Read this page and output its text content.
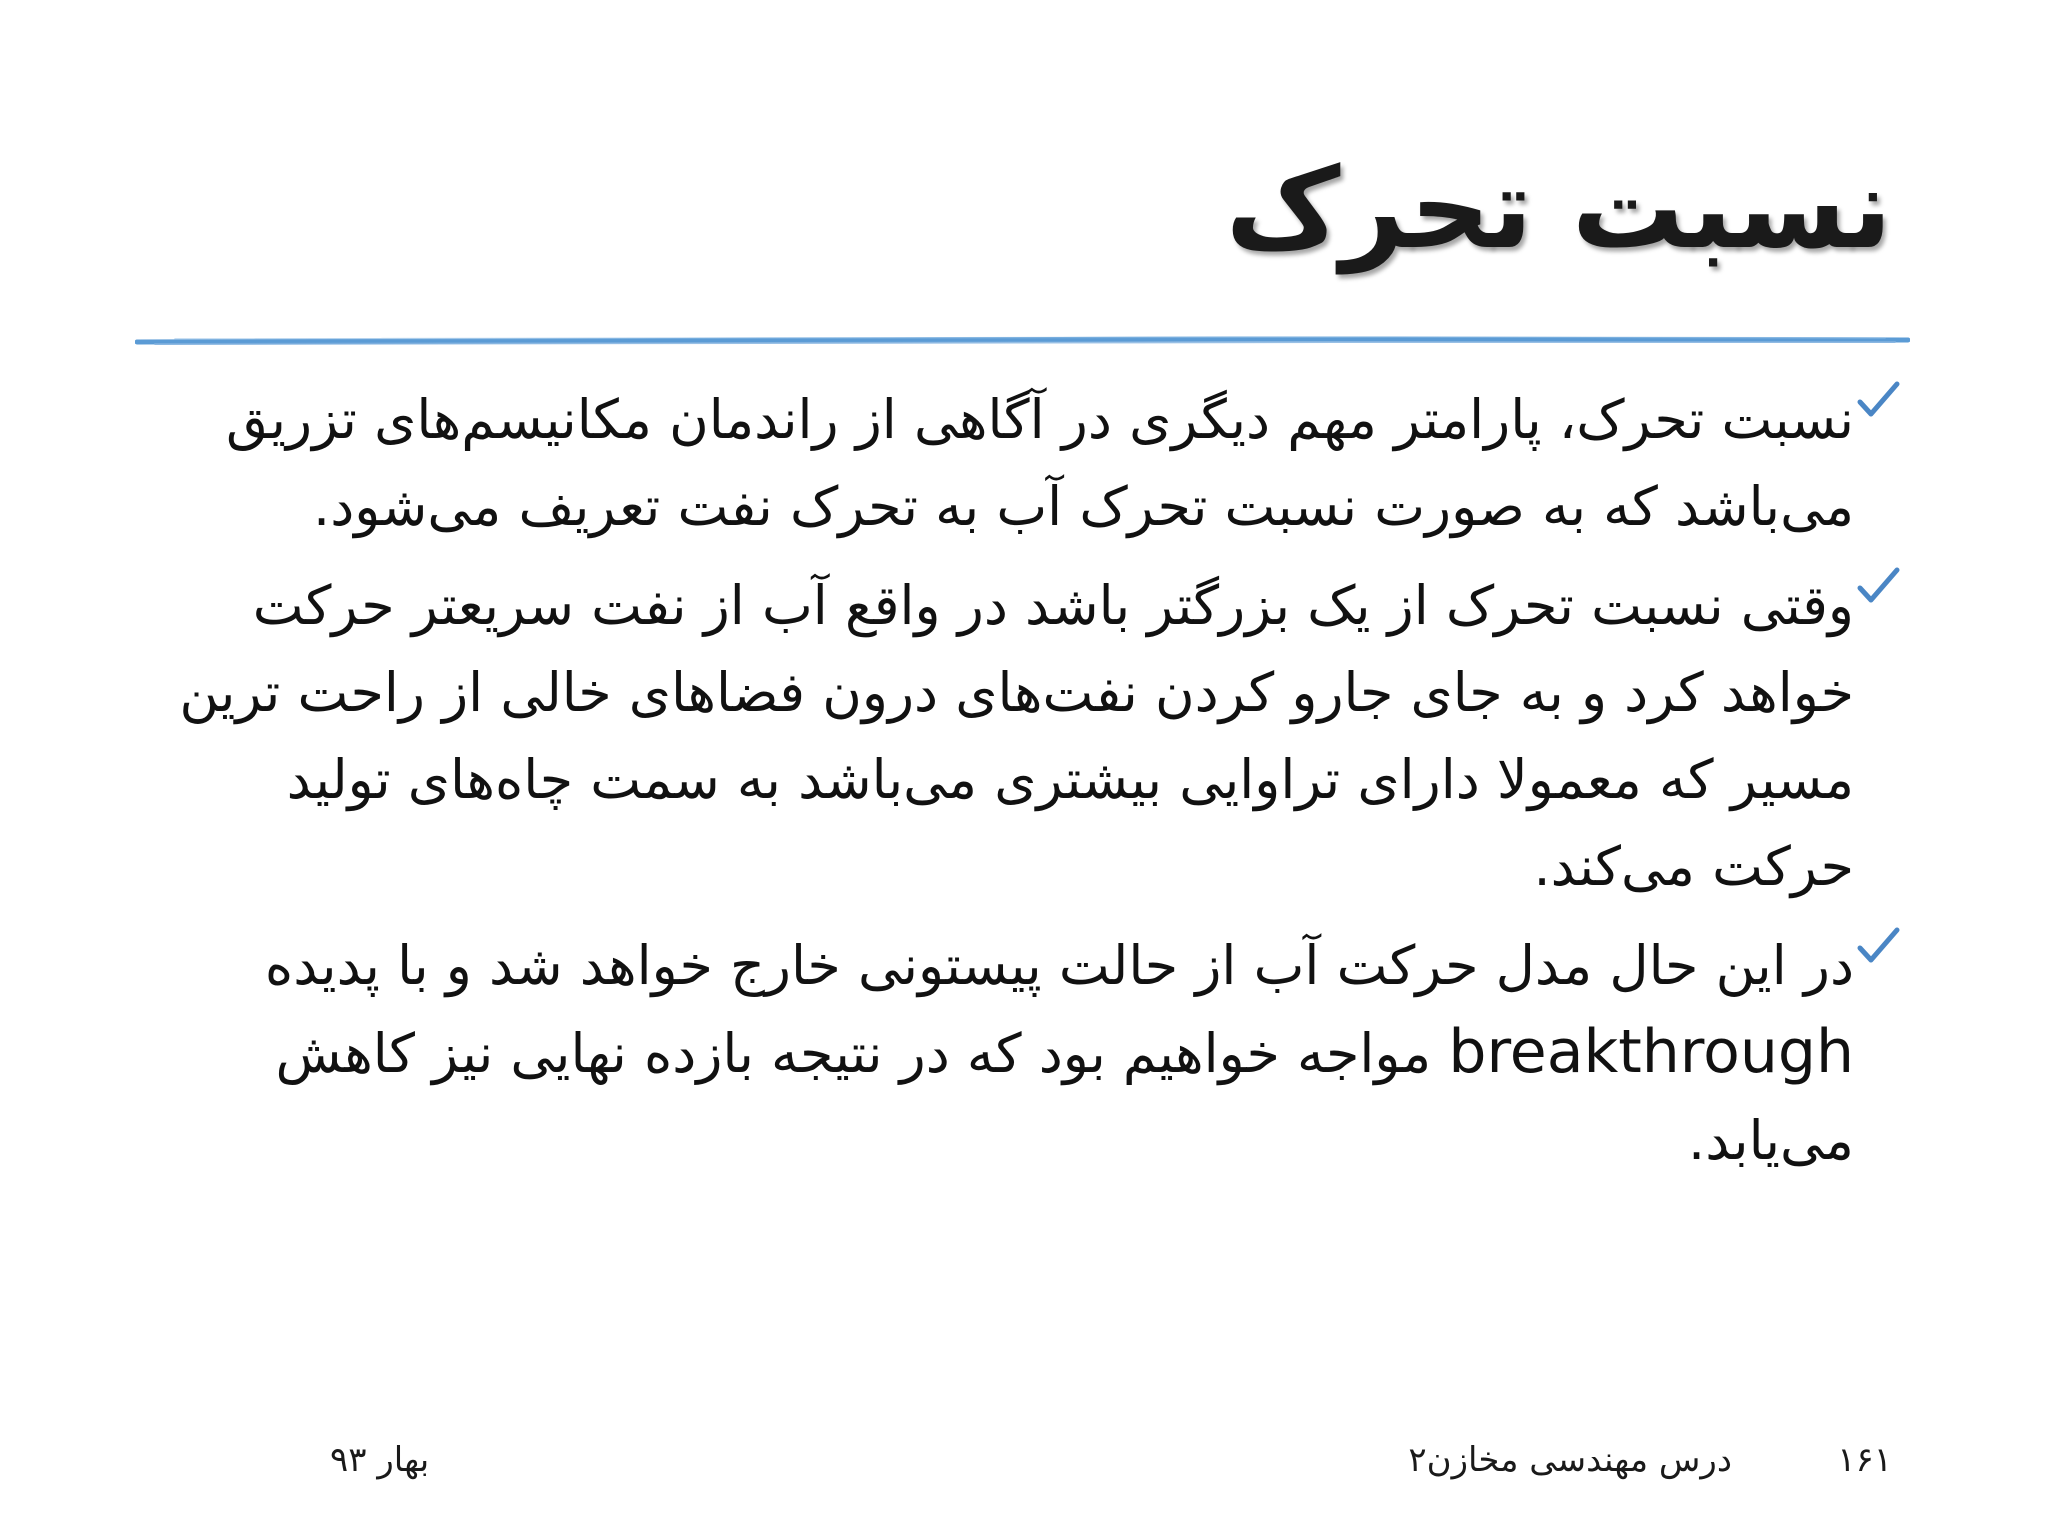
نسبت تحرک
نسبت تحرک، پارامتر مهم دیگری در آگاهی از راندمان مکانیسم‌های تزریق می‌باشد که به صورت نسبت تحرک آب به تحرک نفت تعریف می‌شود.
وقتی نسبت تحرک از یک بزرگتر باشد در واقع آب از نفت سریعتر حرکت خواهد کرد و به جای جارو کردن نفت‌های درون فضاهای خالی از راحت ترین مسیر که معمولا دارای تراوایی بیشتری می‌باشد به سمت چاه‌های تولید حرکت می‌کند.
در این حال مدل حرکت آب از حالت پیستونی خارج خواهد شد و با پدیده breakthrough مواجه خواهیم بود که در نتیجه بازده نهایی نیز کاهش می‌یابد.
۱۶۱
درس مهندسی مخازن۲
بهار ۹۳
